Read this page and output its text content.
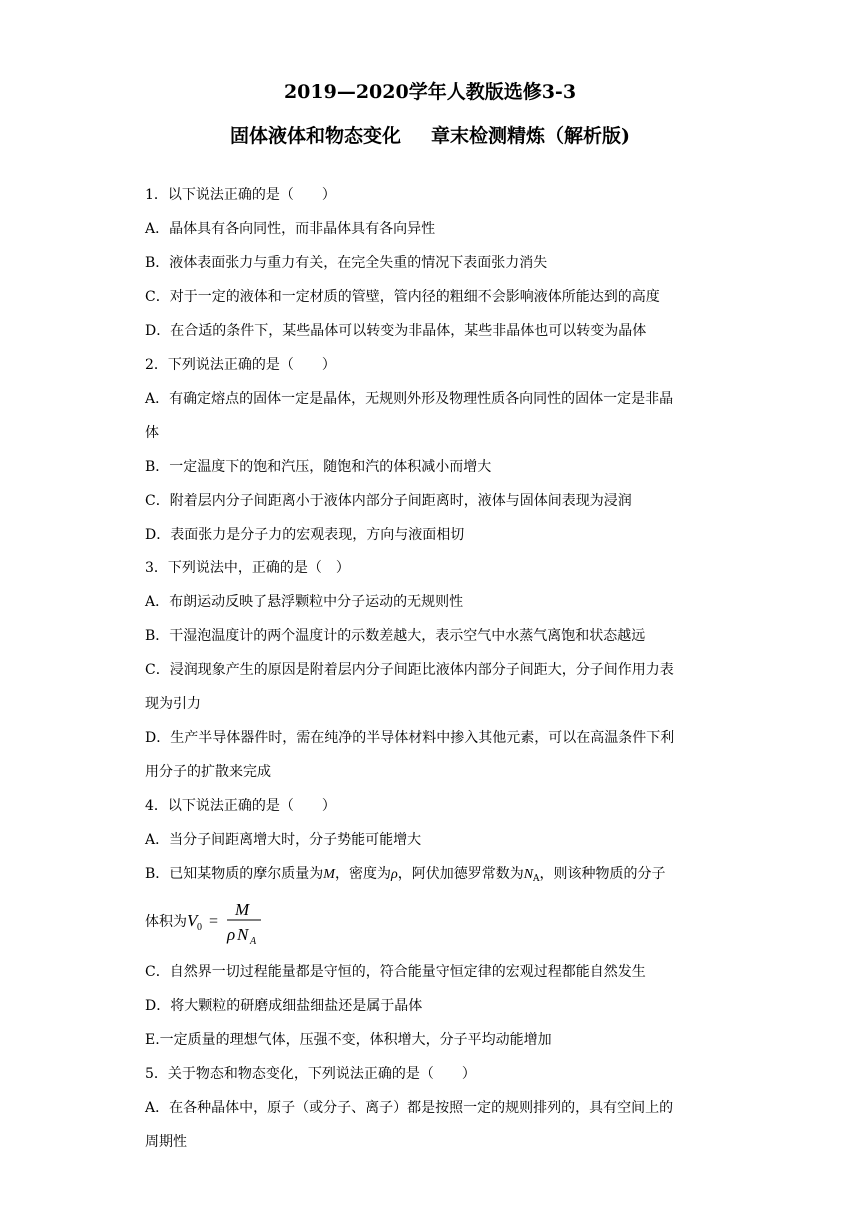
2019—2020学年人教版选修3-3
固体液体和物态变化 章末检测精炼（解析版)
1．以下说法正确的是（　　）
A．晶体具有各向同性，而非晶体具有各向异性
B．液体表面张力与重力有关，在完全失重的情况下表面张力消失
C．对于一定的液体和一定材质的管壁，管内径的粗细不会影响液体所能达到的高度
D．在合适的条件下，某些晶体可以转变为非晶体，某些非晶体也可以转变为晶体
2．下列说法正确的是（　　）
A．有确定熔点的固体一定是晶体，无规则外形及物理性质各向同性的固体一定是非晶
体
B．一定温度下的饱和汽压，随饱和汽的体积减小而增大
C．附着层内分子间距离小于液体内部分子间距离时，液体与固体间表现为浸润
D．表面张力是分子力的宏观表现，方向与液面相切
3．下列说法中，正确的是（　）
A．布朗运动反映了悬浮颗粒中分子运动的无规则性
B．干湿泡温度计的两个温度计的示数差越大，表示空气中水蒸气离饱和状态越远
C．浸润现象产生的原因是附着层内分子间距比液体内部分子间距大，分子间作用力表
现为引力
D．生产半导体器件时，需在纯净的半导体材料中掺入其他元素，可以在高温条件下利
用分子的扩散来完成
4．以下说法正确的是（　　）
A．当分子间距离增大时，分子势能可能增大
B．已知某物质的摩尔质量为M，密度为ρ，阿伏加德罗常数为$N_A$，则该种物质的分子
体积为 V 0 =
M
ρ N A
C．自然界一切过程能量都是守恒的，符合能量守恒定律的宏观过程都能自然发生
D．将大颗粒的研磨成细盐细盐还是属于晶体
E.一定质量的理想气体，压强不变，体积增大，分子平均动能增加
5．关于物态和物态变化，下列说法正确的是（　　）
A．在各种晶体中，原子（或分子、离子）都是按照一定的规则排列的，具有空间上的
周期性
